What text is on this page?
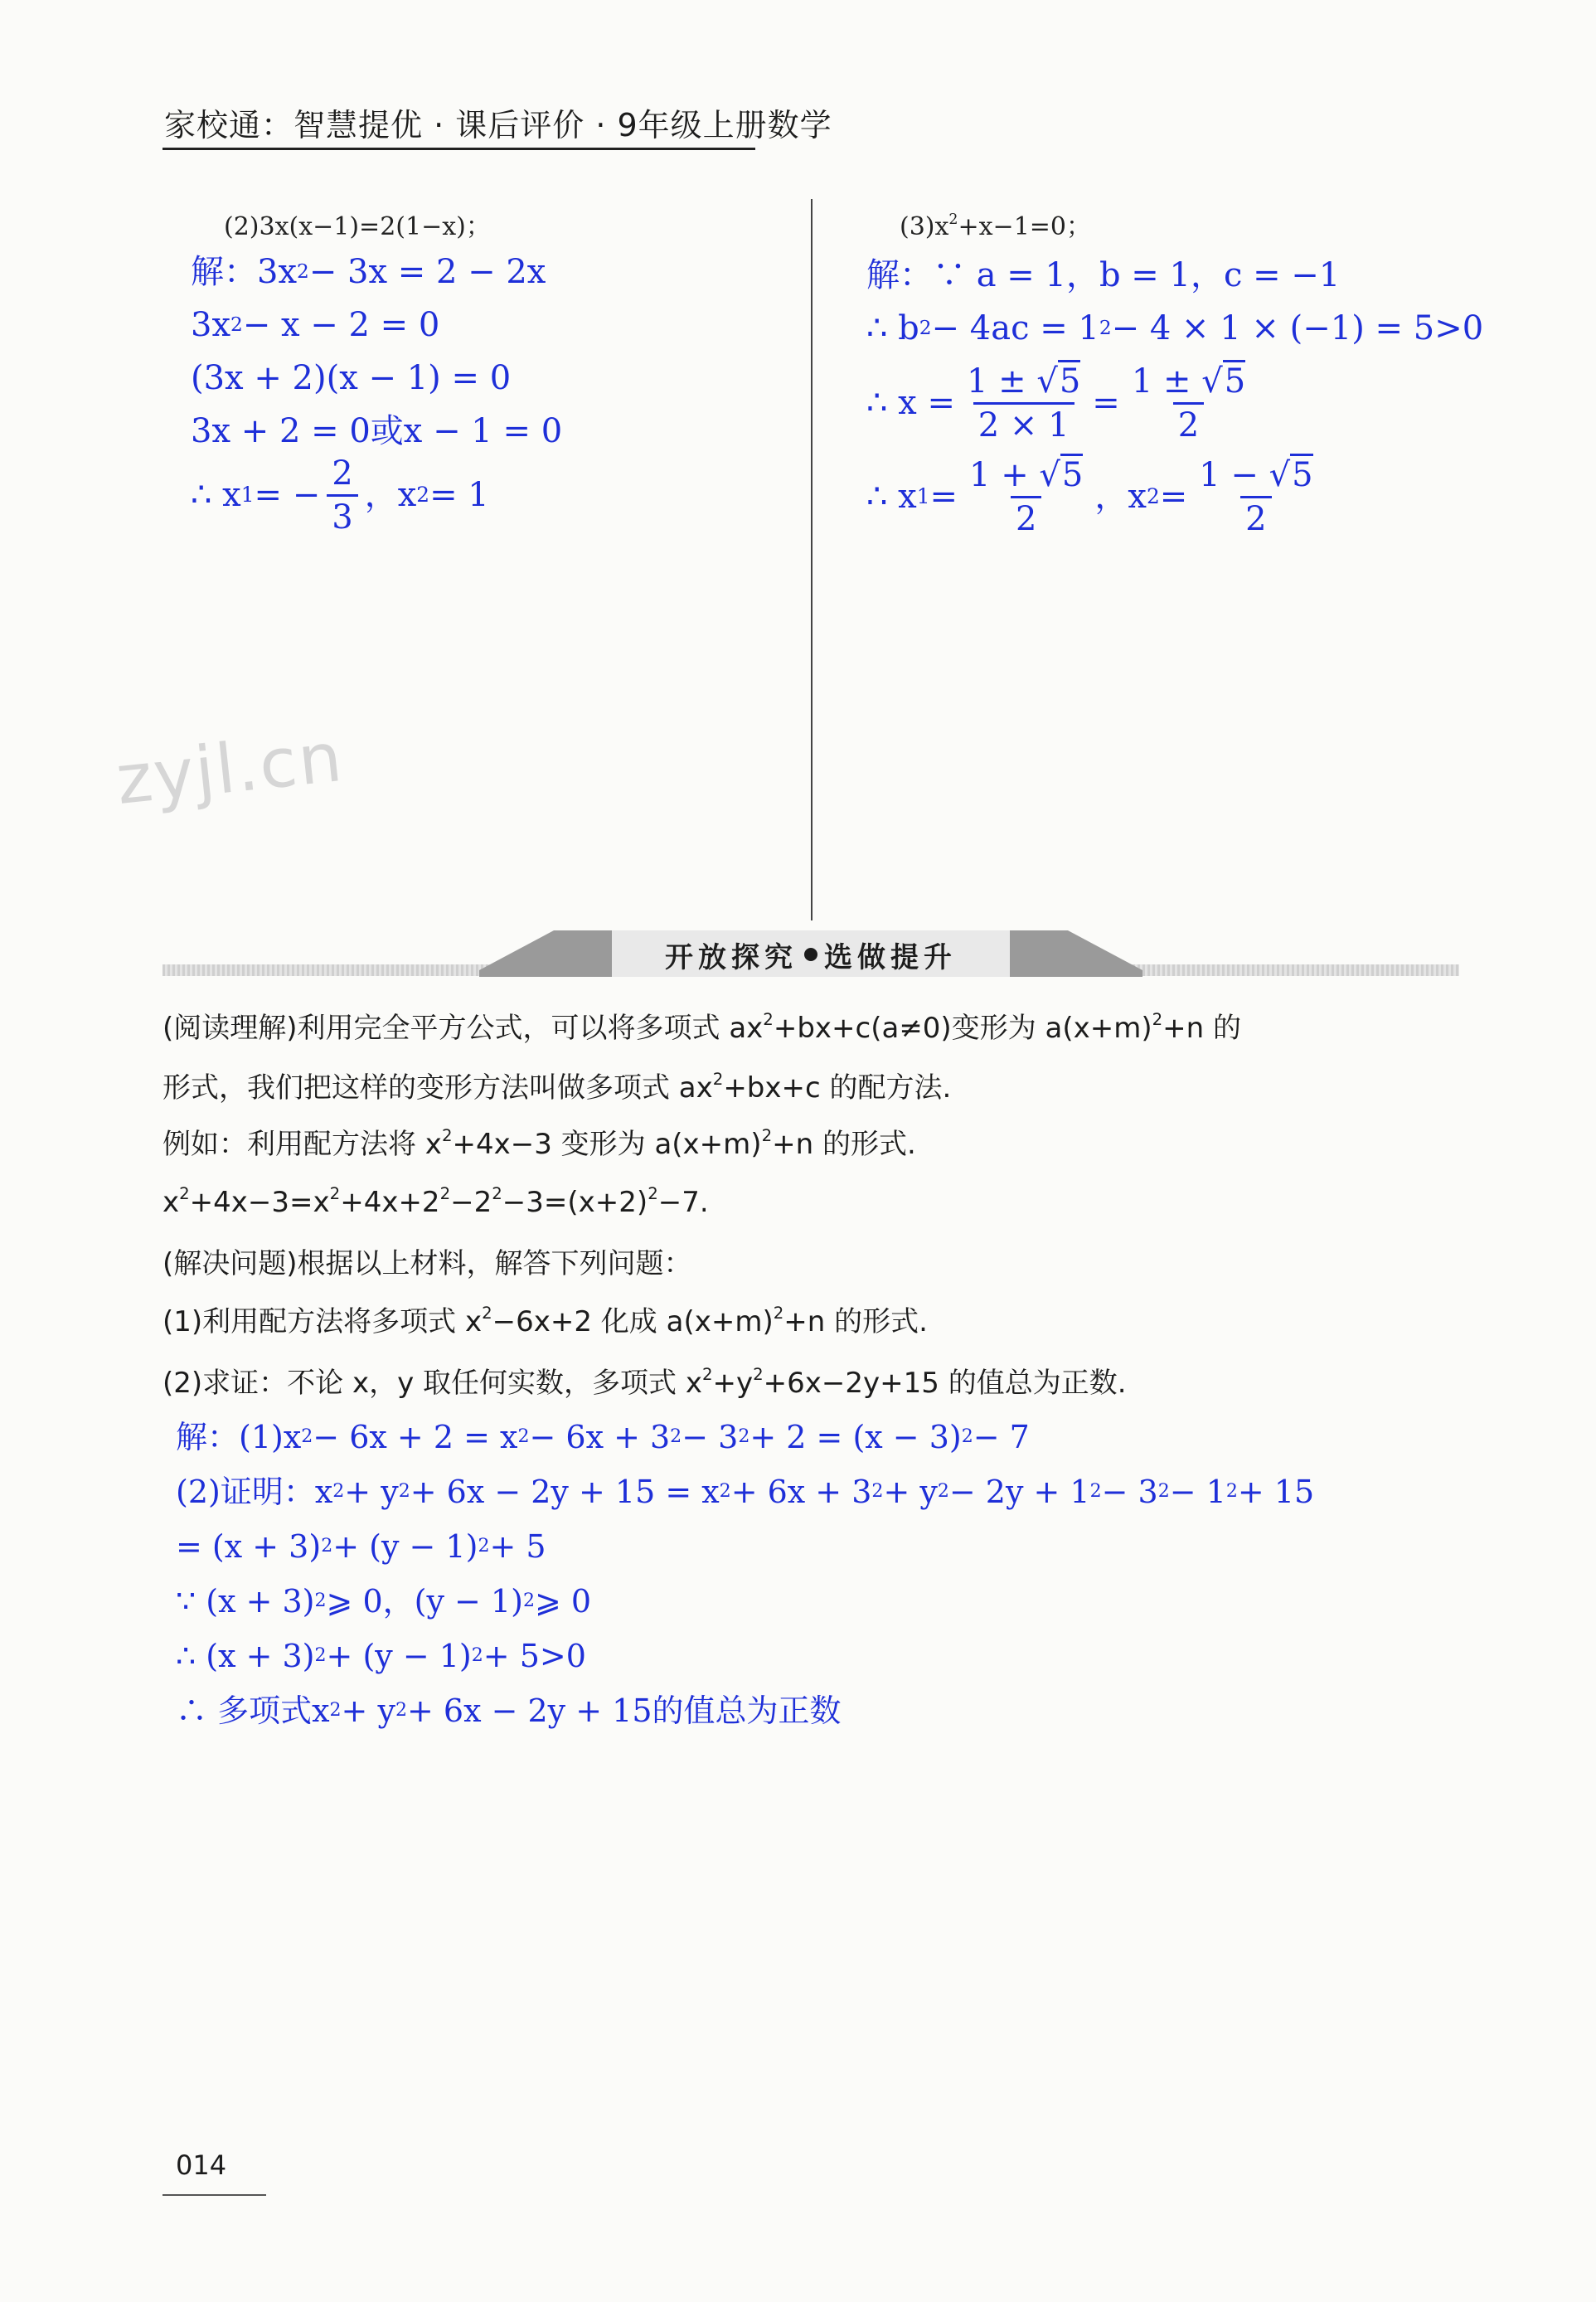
家校通：智慧提优 · 课后评价 · 9年级上册数学
zyjl.cn
(2)3x(x−1)=2(1−x)；
解：3x 2 − 3x = 2 − 2x
3x 2 − x − 2 = 0
(3x + 2)(x − 1) = 0
3x + 2 = 0或x − 1 = 0
∴ x 1 = − $\frac{2}{3}$ ，x 2 = 1
$(3)x^2+x-1=0$；
解：∵ a = 1，b = 1，c = −1
∴ b 2 − 4ac = 1 2 − 4 × 1 × (−1) = 5>0
∴ $x = \frac{1 \pm √5}{2 \times 1} = \frac{1 \pm √5}{2}$
∴ x $1 = \frac{1 + √5}{2}$ ，x $2 = \frac{1 - √5}{2}$
开放探究 选做提升
(阅读理解)利用完全平方公式，可以将多项式 $ax^2+bx+c(a\ne 0)$变形为 $a(x+m)^2+n$ 的
形式，我们把这样的变形方法叫做多项式 $ax^2+bx+c$ 的配方法.
例如：利用配方法将 $x^2+4x-3$ 变形为 $a(x+m)^2+n$ 的形式.
$x^2+4x-3=x^2+4x+2^2-2^2-3=(x+2)^2-7$.
(解决问题)根据以上材料，解答下列问题：
(1)利用配方法将多项式 $x^2-6x+2$ 化成 $a(x+m)^2+n$ 的形式.
(2)求证：不论 x，y 取任何实数，多项式 $x^2+y^2+6x-2y+15$ 的值总为正数.
解：(1)x 2 − 6x + 2 = x 2 − 6x + 3 2 − 3 2 + 2 = (x − 3) 2 − 7
(2)证明：x 2 + y 2 + 6x − 2y + 15 = x 2 + 6x + 3 2 + y 2 − 2y + 1 2 − 3 2 − 1 2 + 15
= (x + 3) 2 + (y − 1) 2 + 5
∵ (x + 3) 2 ⩾ 0，(y − 1) 2 ⩾ 0
∴ (x + 3) 2 + (y − 1) 2 + 5>0
∴ 多项式x 2 + y 2 + 6x − 2y + 15的值总为正数
014
